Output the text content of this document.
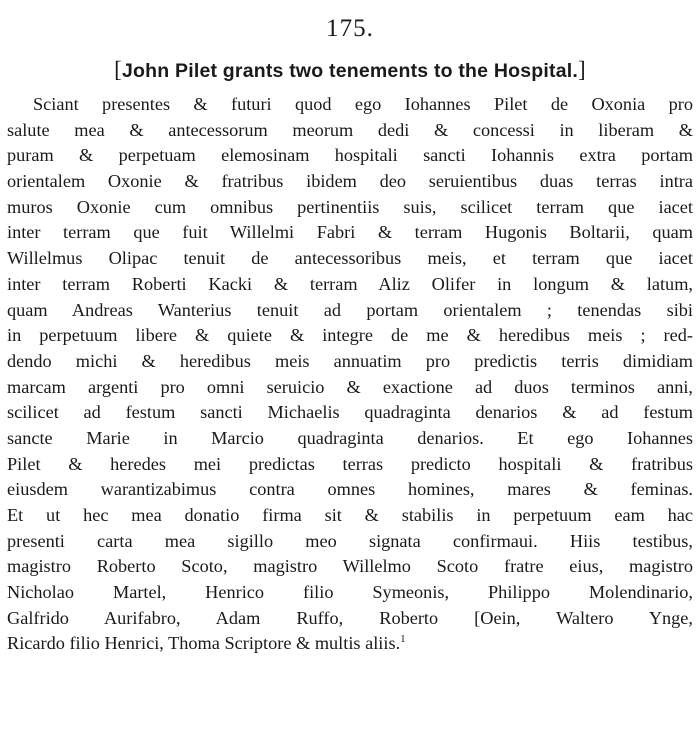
175.
[John Pilet grants two tenements to the Hospital.]
Sciant presentes & futuri quod ego Iohannes Pilet de Oxonia pro
salute mea & antecessorum meorum dedi & concessi in liberam &
puram & perpetuam elemosinam hospitali sancti Iohannis extra portam
orientalem Oxonie & fratribus ibidem deo seruientibus duas terras intra
muros Oxonie cum omnibus pertinentiis suis, scilicet terram que iacet
inter terram que fuit Willelmi Fabri & terram Hugonis Boltarii, quam
Willelmus Olipac tenuit de antecessoribus meis, et terram que iacet
inter terram Roberti Kacki & terram Aliz Olifer in longum & latum,
quam Andreas Wanterius tenuit ad portam orientalem ; tenendas sibi
in perpetuum libere & quiete & integre de me & heredibus meis ; red-
dendo michi & heredibus meis annuatim pro predictis terris dimidiam
marcam argenti pro omni seruicio & exactione ad duos terminos anni,
scilicet ad festum sancti Michaelis quadraginta denarios & ad festum
sancte Marie in Marcio quadraginta denarios. Et ego Iohannes
Pilet & heredes mei predictas terras predicto hospitali & fratribus
eiusdem warantizabimus contra omnes homines, mares & feminas.
Et ut hec mea donatio firma sit & stabilis in perpetuum eam hac
presenti carta mea sigillo meo signata confirmaui. Hiis testibus,
magistro Roberto Scoto, magistro Willelmo Scoto fratre eius, magistro
Nicholao Martel, Henrico filio Symeonis, Philippo Molendinario,
Galfrido Aurifabro, Adam Ruffo, Roberto [Oein, Waltero Ynge,
Ricardo filio Henrici, Thoma Scriptore & multis aliis.$^1$
